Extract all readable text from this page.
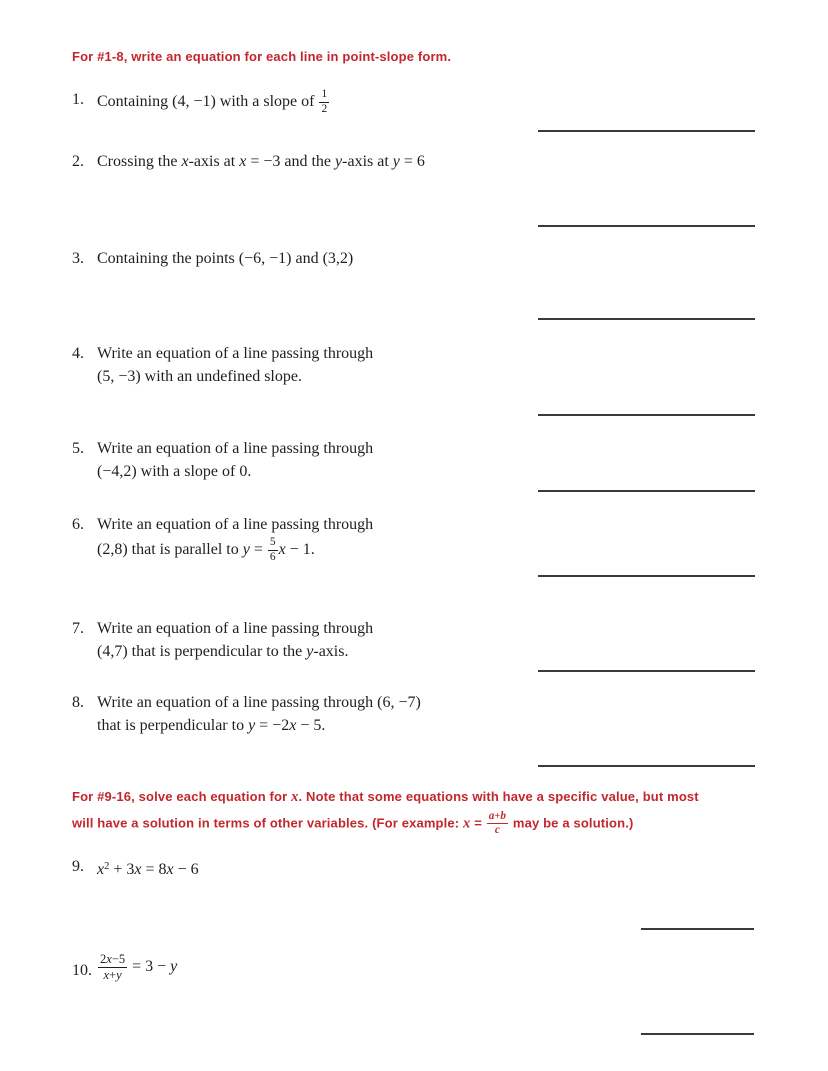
For #1-8, write an equation for each line in point-slope form.
1. Containing (4, −1) with a slope of $\frac{1}{2}$
2. Crossing the x-axis at x = −3 and the y-axis at y = 6
3. Containing the points (−6, −1) and (3,2)
4. Write an equation of a line passing through
(5, −3) with an undefined slope.
5. Write an equation of a line passing through
(−4,2) with a slope of 0.
6. Write an equation of a line passing through
(2,8) that is parallel to $y = \frac{5}{6}$ x − 1.
7. Write an equation of a line passing through
(4,7) that is perpendicular to the y-axis.
8. Write an equation of a line passing through (6, −7)
that is perpendicular to y = −2x − 5.
For #9-16, solve each equation for x. Note that some equations with have a specific value, but most
will have a solution in terms of other variables. (For example: $x = \frac{a+b}{c}$ may be a solution.)
9. $x^2 + 3x = 8x - 6$
10. $\frac{2x-5}{x+y} = 3 - y$
